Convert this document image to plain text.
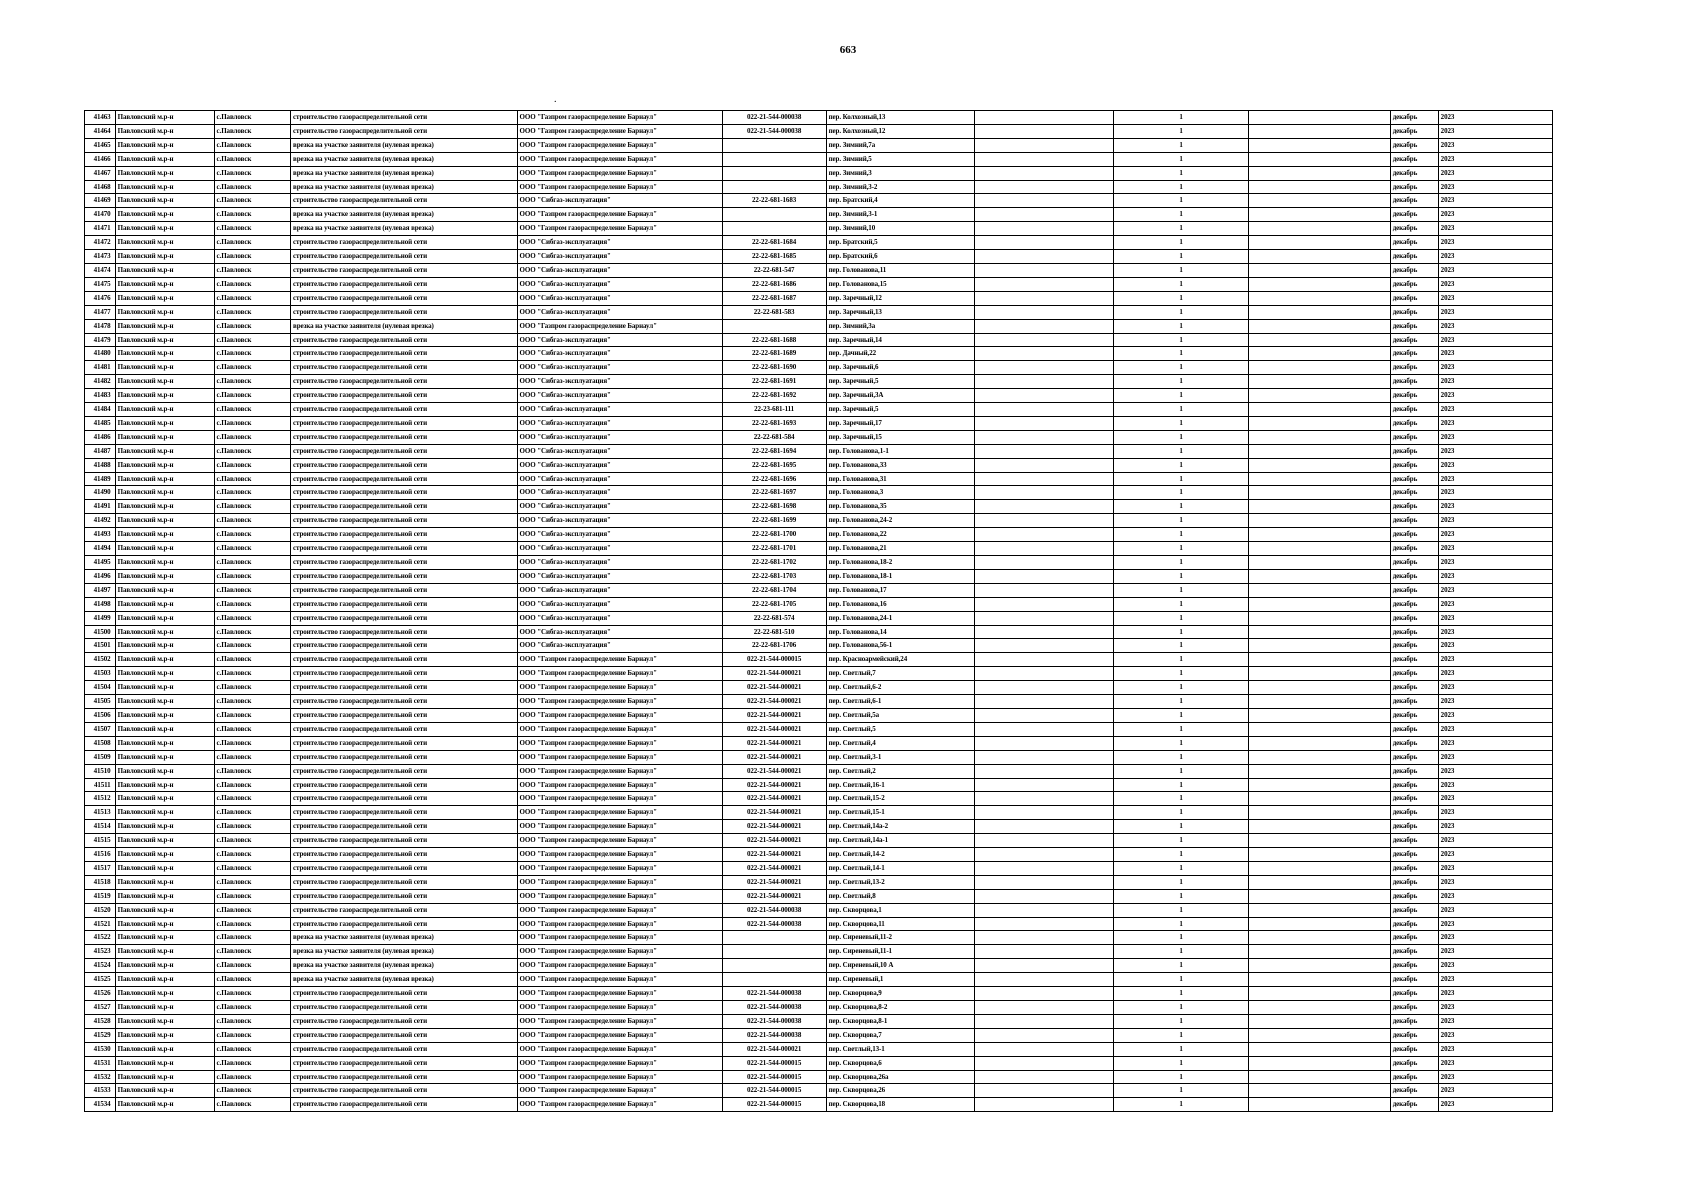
663
.
41463	Павловский м.р-н	с.Павловск	строительство газораспределительной сети	ООО "Газпром газораспределение Барнаул"	022-21-544-000038	пер. Колхозный,13		1		декабрь	2023
41464	Павловский м.р-н	с.Павловск	строительство газораспределительной сети	ООО "Газпром газораспределение Барнаул"	022-21-544-000038	пер. Колхозный,12		1		декабрь	2023
41465	Павловский м.р-н	с.Павловск	врезка на участке заявителя (нулевая врезка)	ООО "Газпром газораспределение Барнаул"		пер. Зимний,7а		1		декабрь	2023
41466	Павловский м.р-н	с.Павловск	врезка на участке заявителя (нулевая врезка)	ООО "Газпром газораспределение Барнаул"		пер. Зимний,5		1		декабрь	2023
41467	Павловский м.р-н	с.Павловск	врезка на участке заявителя (нулевая врезка)	ООО "Газпром газораспределение Барнаул"		пер. Зимний,3		1		декабрь	2023
41468	Павловский м.р-н	с.Павловск	врезка на участке заявителя (нулевая врезка)	ООО "Газпром газораспределение Барнаул"		пер. Зимний,3-2		1		декабрь	2023
41469	Павловский м.р-н	с.Павловск	строительство газораспределительной сети	ООО "Сибгаз-эксплуатация"	22-22-681-1683	пер. Братский,4		1		декабрь	2023
41470	Павловский м.р-н	с.Павловск	врезка на участке заявителя (нулевая врезка)	ООО "Газпром газораспределение Барнаул"		пер. Зимний,3-1		1		декабрь	2023
41471	Павловский м.р-н	с.Павловск	врезка на участке заявителя (нулевая врезка)	ООО "Газпром газораспределение Барнаул"		пер. Зимний,10		1		декабрь	2023
41472	Павловский м.р-н	с.Павловск	строительство газораспределительной сети	ООО "Сибгаз-эксплуатация"	22-22-681-1684	пер. Братский,5		1		декабрь	2023
41473	Павловский м.р-н	с.Павловск	строительство газораспределительной сети	ООО "Сибгаз-эксплуатация"	22-22-681-1685	пер. Братский,6		1		декабрь	2023
41474	Павловский м.р-н	с.Павловск	строительство газораспределительной сети	ООО "Сибгаз-эксплуатация"	22-22-681-547	пер. Голованова,11		1		декабрь	2023
41475	Павловский м.р-н	с.Павловск	строительство газораспределительной сети	ООО "Сибгаз-эксплуатация"	22-22-681-1686	пер. Голованова,15		1		декабрь	2023
41476	Павловский м.р-н	с.Павловск	строительство газораспределительной сети	ООО "Сибгаз-эксплуатация"	22-22-681-1687	пер. Заречный,12		1		декабрь	2023
41477	Павловский м.р-н	с.Павловск	строительство газораспределительной сети	ООО "Сибгаз-эксплуатация"	22-22-681-583	пер. Заречный,13		1		декабрь	2023
41478	Павловский м.р-н	с.Павловск	врезка на участке заявителя (нулевая врезка)	ООО "Газпром газораспределение Барнаул"		пер. Зимний,3а		1		декабрь	2023
41479	Павловский м.р-н	с.Павловск	строительство газораспределительной сети	ООО "Сибгаз-эксплуатация"	22-22-681-1688	пер. Заречный,14		1		декабрь	2023
41480	Павловский м.р-н	с.Павловск	строительство газораспределительной сети	ООО "Сибгаз-эксплуатация"	22-22-681-1689	пер. Дачный,22		1		декабрь	2023
41481	Павловский м.р-н	с.Павловск	строительство газораспределительной сети	ООО "Сибгаз-эксплуатация"	22-22-681-1690	пер. Заречный,6		1		декабрь	2023
41482	Павловский м.р-н	с.Павловск	строительство газораспределительной сети	ООО "Сибгаз-эксплуатация"	22-22-681-1691	пер. Заречный,5		1		декабрь	2023
41483	Павловский м.р-н	с.Павловск	строительство газораспределительной сети	ООО "Сибгаз-эксплуатация"	22-22-681-1692	пер. Заречный,3А		1		декабрь	2023
41484	Павловский м.р-н	с.Павловск	строительство газораспределительной сети	ООО "Сибгаз-эксплуатация"	22-23-681-111	пер. Заречный,5		1		декабрь	2023
41485	Павловский м.р-н	с.Павловск	строительство газораспределительной сети	ООО "Сибгаз-эксплуатация"	22-22-681-1693	пер. Заречный,17		1		декабрь	2023
41486	Павловский м.р-н	с.Павловск	строительство газораспределительной сети	ООО "Сибгаз-эксплуатация"	22-22-681-584	пер. Заречный,15		1		декабрь	2023
41487	Павловский м.р-н	с.Павловск	строительство газораспределительной сети	ООО "Сибгаз-эксплуатация"	22-22-681-1694	пер. Голованова,1-1		1		декабрь	2023
41488	Павловский м.р-н	с.Павловск	строительство газораспределительной сети	ООО "Сибгаз-эксплуатация"	22-22-681-1695	пер. Голованова,33		1		декабрь	2023
41489	Павловский м.р-н	с.Павловск	строительство газораспределительной сети	ООО "Сибгаз-эксплуатация"	22-22-681-1696	пер. Голованова,31		1		декабрь	2023
41490	Павловский м.р-н	с.Павловск	строительство газораспределительной сети	ООО "Сибгаз-эксплуатация"	22-22-681-1697	пер. Голованова,3		1		декабрь	2023
41491	Павловский м.р-н	с.Павловск	строительство газораспределительной сети	ООО "Сибгаз-эксплуатация"	22-22-681-1698	пер. Голованова,35		1		декабрь	2023
41492	Павловский м.р-н	с.Павловск	строительство газораспределительной сети	ООО "Сибгаз-эксплуатация"	22-22-681-1699	пер. Голованова,24-2		1		декабрь	2023
41493	Павловский м.р-н	с.Павловск	строительство газораспределительной сети	ООО "Сибгаз-эксплуатация"	22-22-681-1700	пер. Голованова,22		1		декабрь	2023
41494	Павловский м.р-н	с.Павловск	строительство газораспределительной сети	ООО "Сибгаз-эксплуатация"	22-22-681-1701	пер. Голованова,21		1		декабрь	2023
41495	Павловский м.р-н	с.Павловск	строительство газораспределительной сети	ООО "Сибгаз-эксплуатация"	22-22-681-1702	пер. Голованова,18-2		1		декабрь	2023
41496	Павловский м.р-н	с.Павловск	строительство газораспределительной сети	ООО "Сибгаз-эксплуатация"	22-22-681-1703	пер. Голованова,18-1		1		декабрь	2023
41497	Павловский м.р-н	с.Павловск	строительство газораспределительной сети	ООО "Сибгаз-эксплуатация"	22-22-681-1704	пер. Голованова,17		1		декабрь	2023
41498	Павловский м.р-н	с.Павловск	строительство газораспределительной сети	ООО "Сибгаз-эксплуатация"	22-22-681-1705	пер. Голованова,16		1		декабрь	2023
41499	Павловский м.р-н	с.Павловск	строительство газораспределительной сети	ООО "Сибгаз-эксплуатация"	22-22-681-574	пер. Голованова,24-1		1		декабрь	2023
41500	Павловский м.р-н	с.Павловск	строительство газораспределительной сети	ООО "Сибгаз-эксплуатация"	22-22-681-510	пер. Голованова,14		1		декабрь	2023
41501	Павловский м.р-н	с.Павловск	строительство газораспределительной сети	ООО "Сибгаз-эксплуатация"	22-22-681-1706	пер. Голованова,56-1		1		декабрь	2023
41502	Павловский м.р-н	с.Павловск	строительство газораспределительной сети	ООО "Газпром газораспределение Барнаул"	022-21-544-000015	пер. Красноармейский,24		1		декабрь	2023
41503	Павловский м.р-н	с.Павловск	строительство газораспределительной сети	ООО "Газпром газораспределение Барнаул"	022-21-544-000021	пер. Светлый,7		1		декабрь	2023
41504	Павловский м.р-н	с.Павловск	строительство газораспределительной сети	ООО "Газпром газораспределение Барнаул"	022-21-544-000021	пер. Светлый,6-2		1		декабрь	2023
41505	Павловский м.р-н	с.Павловск	строительство газораспределительной сети	ООО "Газпром газораспределение Барнаул"	022-21-544-000021	пер. Светлый,6-1		1		декабрь	2023
41506	Павловский м.р-н	с.Павловск	строительство газораспределительной сети	ООО "Газпром газораспределение Барнаул"	022-21-544-000021	пер. Светлый,5а		1		декабрь	2023
41507	Павловский м.р-н	с.Павловск	строительство газораспределительной сети	ООО "Газпром газораспределение Барнаул"	022-21-544-000021	пер. Светлый,5		1		декабрь	2023
41508	Павловский м.р-н	с.Павловск	строительство газораспределительной сети	ООО "Газпром газораспределение Барнаул"	022-21-544-000021	пер. Светлый,4		1		декабрь	2023
41509	Павловский м.р-н	с.Павловск	строительство газораспределительной сети	ООО "Газпром газораспределение Барнаул"	022-21-544-000021	пер. Светлый,3-1		1		декабрь	2023
41510	Павловский м.р-н	с.Павловск	строительство газораспределительной сети	ООО "Газпром газораспределение Барнаул"	022-21-544-000021	пер. Светлый,2		1		декабрь	2023
41511	Павловский м.р-н	с.Павловск	строительство газораспределительной сети	ООО "Газпром газораспределение Барнаул"	022-21-544-000021	пер. Светлый,16-1		1		декабрь	2023
41512	Павловский м.р-н	с.Павловск	строительство газораспределительной сети	ООО "Газпром газораспределение Барнаул"	022-21-544-000021	пер. Светлый,15-2		1		декабрь	2023
41513	Павловский м.р-н	с.Павловск	строительство газораспределительной сети	ООО "Газпром газораспределение Барнаул"	022-21-544-000021	пер. Светлый,15-1		1		декабрь	2023
41514	Павловский м.р-н	с.Павловск	строительство газораспределительной сети	ООО "Газпром газораспределение Барнаул"	022-21-544-000021	пер. Светлый,14а-2		1		декабрь	2023
41515	Павловский м.р-н	с.Павловск	строительство газораспределительной сети	ООО "Газпром газораспределение Барнаул"	022-21-544-000021	пер. Светлый,14а-1		1		декабрь	2023
41516	Павловский м.р-н	с.Павловск	строительство газораспределительной сети	ООО "Газпром газораспределение Барнаул"	022-21-544-000021	пер. Светлый,14-2		1		декабрь	2023
41517	Павловский м.р-н	с.Павловск	строительство газораспределительной сети	ООО "Газпром газораспределение Барнаул"	022-21-544-000021	пер. Светлый,14-1		1		декабрь	2023
41518	Павловский м.р-н	с.Павловск	строительство газораспределительной сети	ООО "Газпром газораспределение Барнаул"	022-21-544-000021	пер. Светлый,13-2		1		декабрь	2023
41519	Павловский м.р-н	с.Павловск	строительство газораспределительной сети	ООО "Газпром газораспределение Барнаул"	022-21-544-000021	пер. Светлый,8		1		декабрь	2023
41520	Павловский м.р-н	с.Павловск	строительство газораспределительной сети	ООО "Газпром газораспределение Барнаул"	022-21-544-000038	пер. Скворцова,1		1		декабрь	2023
41521	Павловский м.р-н	с.Павловск	строительство газораспределительной сети	ООО "Газпром газораспределение Барнаул"	022-21-544-000038	пер. Скворцова,11		1		декабрь	2023
41522	Павловский м.р-н	с.Павловск	врезка на участке заявителя (нулевая врезка)	ООО "Газпром газораспределение Барнаул"		пер. Сиреневый,11-2		1		декабрь	2023
41523	Павловский м.р-н	с.Павловск	врезка на участке заявителя (нулевая врезка)	ООО "Газпром газораспределение Барнаул"		пер. Сиреневый,11-1		1		декабрь	2023
41524	Павловский м.р-н	с.Павловск	врезка на участке заявителя (нулевая врезка)	ООО "Газпром газораспределение Барнаул"		пер. Сиреневый,10 А		1		декабрь	2023
41525	Павловский м.р-н	с.Павловск	врезка на участке заявителя (нулевая врезка)	ООО "Газпром газораспределение Барнаул"		пер. Сиреневый,1		1		декабрь	2023
41526	Павловский м.р-н	с.Павловск	строительство газораспределительной сети	ООО "Газпром газораспределение Барнаул"	022-21-544-000038	пер. Скворцова,9		1		декабрь	2023
41527	Павловский м.р-н	с.Павловск	строительство газораспределительной сети	ООО "Газпром газораспределение Барнаул"	022-21-544-000038	пер. Скворцова,8-2		1		декабрь	2023
41528	Павловский м.р-н	с.Павловск	строительство газораспределительной сети	ООО "Газпром газораспределение Барнаул"	022-21-544-000038	пер. Скворцова,8-1		1		декабрь	2023
41529	Павловский м.р-н	с.Павловск	строительство газораспределительной сети	ООО "Газпром газораспределение Барнаул"	022-21-544-000038	пер. Скворцова,7		1		декабрь	2023
41530	Павловский м.р-н	с.Павловск	строительство газораспределительной сети	ООО "Газпром газораспределение Барнаул"	022-21-544-000021	пер. Светлый,13-1		1		декабрь	2023
41531	Павловский м.р-н	с.Павловск	строительство газораспределительной сети	ООО "Газпром газораспределение Барнаул"	022-21-544-000015	пер. Скворцова,6		1		декабрь	2023
41532	Павловский м.р-н	с.Павловск	строительство газораспределительной сети	ООО "Газпром газораспределение Барнаул"	022-21-544-000015	пер. Скворцова,26а		1		декабрь	2023
41533	Павловский м.р-н	с.Павловск	строительство газораспределительной сети	ООО "Газпром газораспределение Барнаул"	022-21-544-000015	пер. Скворцова,26		1		декабрь	2023
41534	Павловский м.р-н	с.Павловск	строительство газораспределительной сети	ООО "Газпром газораспределение Барнаул"	022-21-544-000015	пер. Скворцова,18		1		декабрь	2023
